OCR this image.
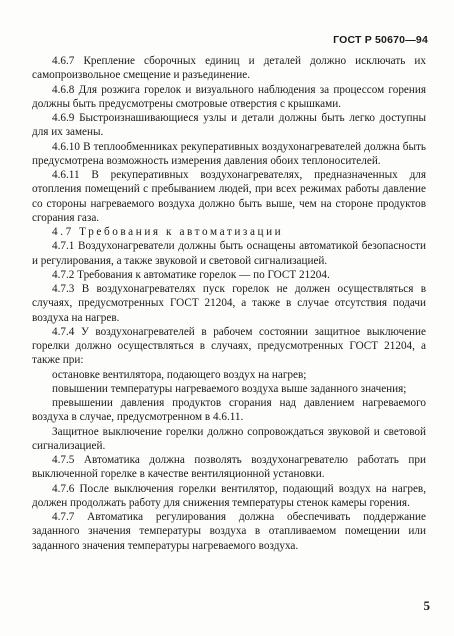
ГОСТ Р 50670—94

4.6.7 Крепление сборочных единиц и деталей должно исключать их самопроизвольное смещение и разъединение.

4.6.8 Для розжига горелок и визуального наблюдения за процессом горения должны быть предусмотрены смотровые отверстия с крышками.

4.6.9 Быстроизнашивающиеся узлы и детали должны быть легко доступны для их замены.

4.6.10 В теплообменниках рекуперативных воздухонагревателей должна быть предусмотрена возможность измерения давления обоих теплоносителей.

4.6.11 В рекуперативных воздухонагревателях, предназначенных для отопления помещений с пребыванием людей, при всех режимах работы давление со стороны нагреваемого воздуха должно быть выше, чем на стороне продуктов сгорания газа.

4.7 Требования к автоматизации

4.7.1 Воздухонагреватели должны быть оснащены автоматикой безопасности и регулирования, а также звуковой и световой сигнализацией.

4.7.2 Требования к автоматике горелок — по ГОСТ 21204.

4.7.3 В воздухонагревателях пуск горелок не должен осуществляться в случаях, предусмотренных ГОСТ 21204, а также в случае отсутствия подачи воздуха на нагрев.

4.7.4 У воздухонагревателей в рабочем состоянии защитное выключение горелки должно осуществляться в случаях, предусмотренных ГОСТ 21204, а также при:

остановке вентилятора, подающего воздух на нагрев;

повышении температуры нагреваемого воздуха выше заданного значения;

превышении давления продуктов сгорания над давлением нагреваемого воздуха в случае, предусмотренном в 4.6.11.

Защитное выключение горелки должно сопровождаться звуковой и световой сигнализацией.

4.7.5 Автоматика должна позволять воздухонагревателю работать при выключенной горелке в качестве вентиляционной установки.

4.7.6 После выключения горелки вентилятор, подающий воздух на нагрев, должен продолжать работу для снижения температуры стенок камеры горения.

4.7.7 Автоматика регулирования должна обеспечивать поддержание заданного значения температуры воздуха в отапливаемом помещении или заданного значения температуры нагреваемого воздуха.

5
